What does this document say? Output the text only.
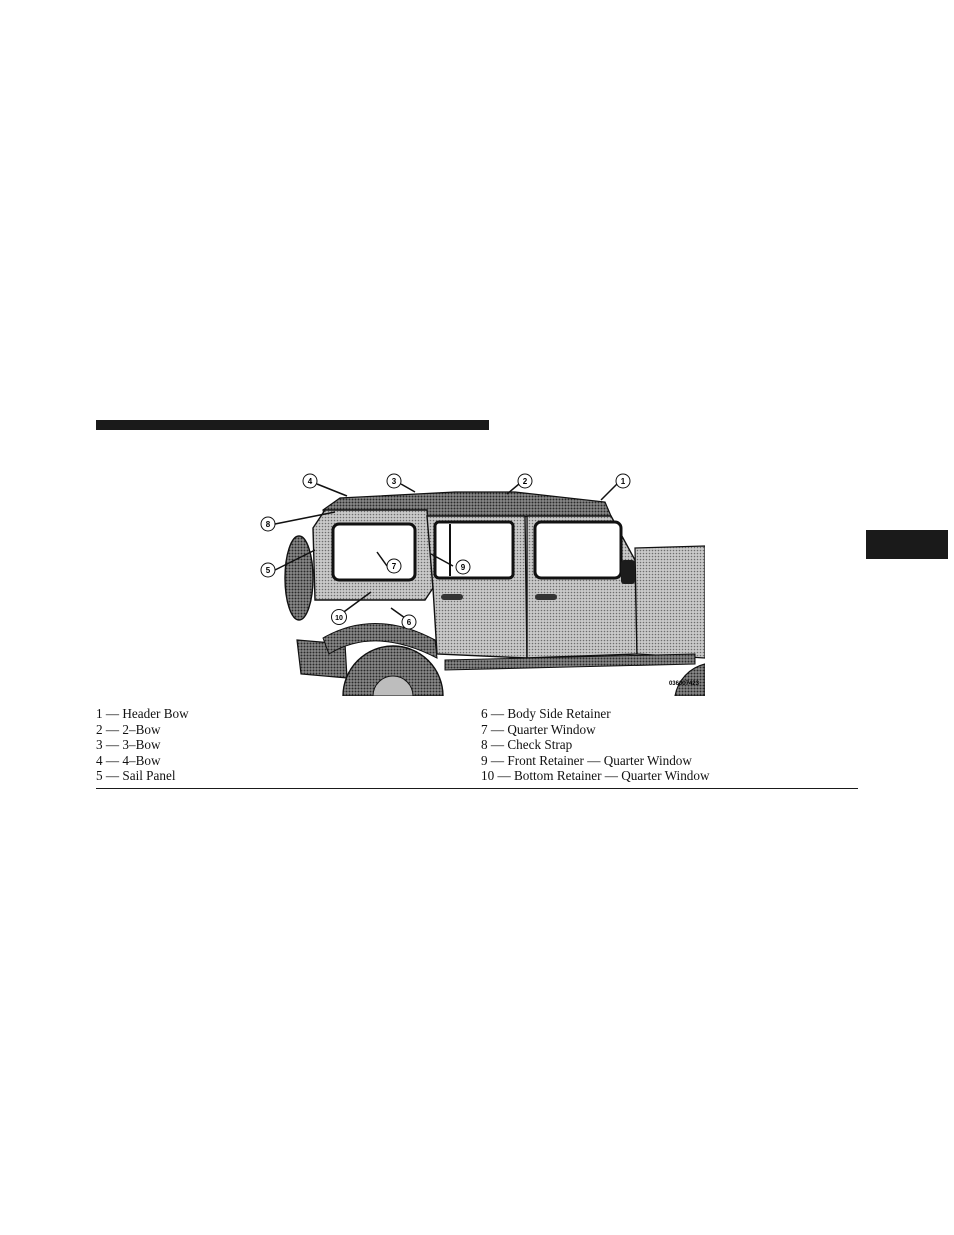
4	3	2	1
8
5	7	9
6
10
036007423
1 — Header Bow
2 — 2–Bow
3 — 3–Bow
4 — 4–Bow
5 — Sail Panel
6 — Body Side Retainer
7 — Quarter Window
8 — Check Strap
9 — Front Retainer — Quarter Window
10 — Bottom Retainer — Quarter Window
